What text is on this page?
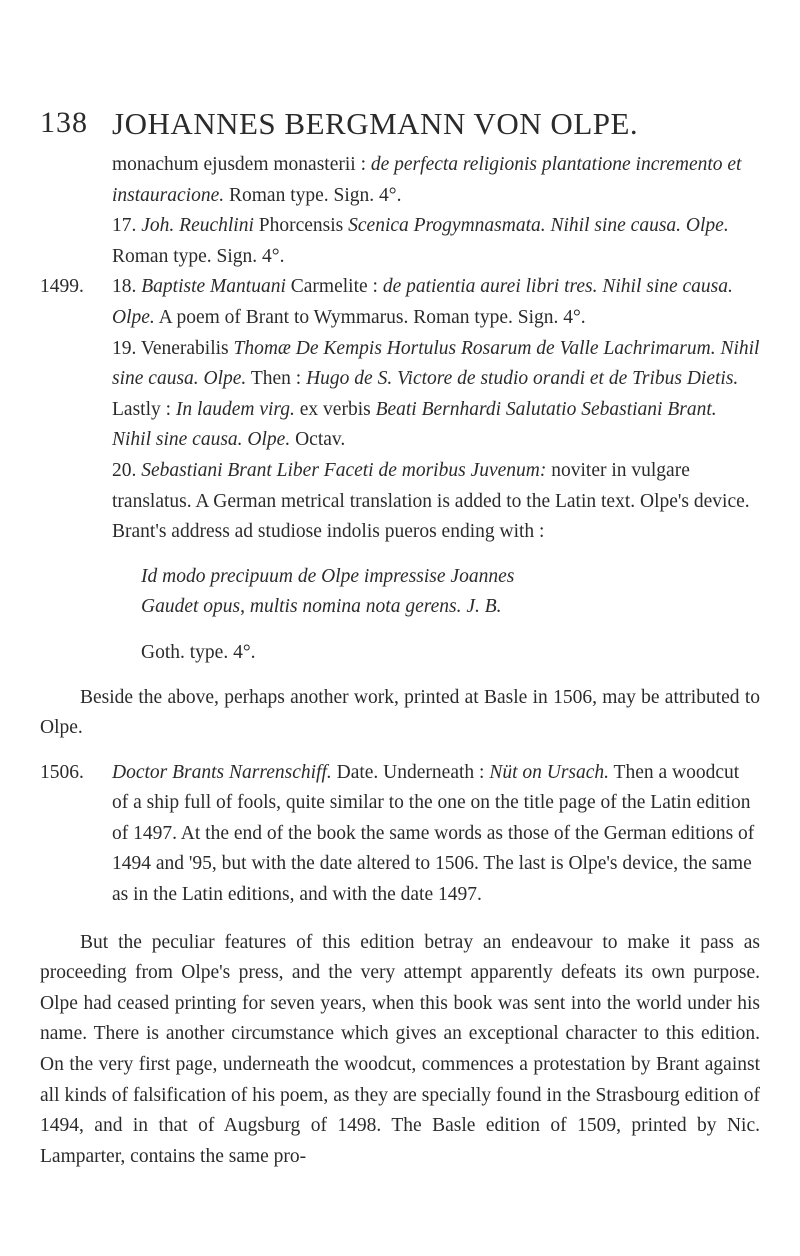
138 JOHANNES BERGMANN VON OLPE.

monachum ejusdem monasterii : de perfecta religionis plantatione incremento et instauracione. Roman type. Sign. 4°.

17. Joh. Reuchlini Phorcensis Scenica Progymnasmata. Nihil sine causa. Olpe. Roman type. Sign. 4°.

1499.	18. Baptiste Mantuani Carmelite : de patientia aurei libri tres. Nihil sine causa. Olpe. A poem of Brant to Wymmarus. Roman type. Sign. 4°.

19. Venerabilis Thomæ De Kempis Hortulus Rosarum de Valle Lachrimarum. Nihil sine causa. Olpe. Then : Hugo de S. Victore de studio orandi et de Tribus Dietis. Lastly : In laudem virg. ex verbis Beati Bernhardi Salutatio Sebastiani Brant. Nihil sine causa. Olpe. Octav.

20. Sebastiani Brant Liber Faceti de moribus Juvenum: noviter in vulgare translatus. A German metrical translation is added to the Latin text. Olpe's device. Brant's address ad studiose indolis pueros ending with :

Id modo precipuum de Olpe impressise Joannes
Gaudet opus, multis nomina nota gerens. J. B.
Goth. type. 4°.

Beside the above, perhaps another work, printed at Basle in 1506, may be attributed to Olpe.

1506.	Doctor Brants Narrenschiff. Date. Underneath : Nüt on Ursach. Then a woodcut of a ship full of fools, quite similar to the one on the title page of the Latin edition of 1497. At the end of the book the same words as those of the German editions of 1494 and '95, but with the date altered to 1506. The last is Olpe's device, the same as in the Latin editions, and with the date 1497.

But the peculiar features of this edition betray an endeavour to make it pass as proceeding from Olpe's press, and the very attempt apparently defeats its own purpose. Olpe had ceased printing for seven years, when this book was sent into the world under his name. There is another circumstance which gives an exceptional character to this edition. On the very first page, underneath the woodcut, commences a protestation by Brant against all kinds of falsification of his poem, as they are specially found in the Strasbourg edition of 1494, and in that of Augsburg of 1498. The Basle edition of 1509, printed by Nic. Lamparter, contains the same pro-
